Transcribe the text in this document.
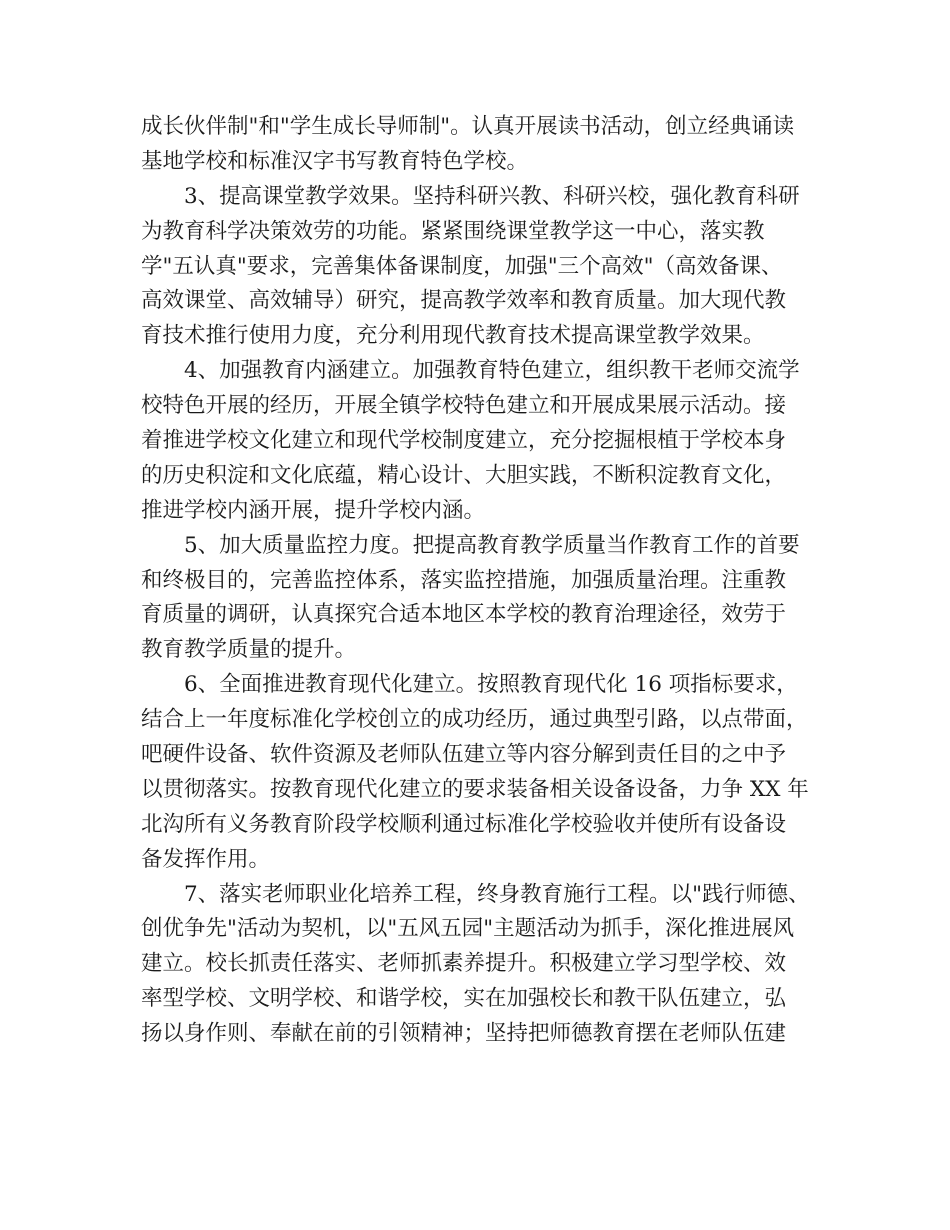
成长伙伴制"和"学生成长导师制"。认真开展读书活动，创立经典诵读
基地学校和标准汉字书写教育特色学校。
3、提高课堂教学效果。坚持科研兴教、科研兴校，强化教育科研
为教育科学决策效劳的功能。紧紧围绕课堂教学这一中心，落实教
学"五认真"要求，完善集体备课制度，加强"三个高效"（高效备课、
高效课堂、高效辅导）研究，提高教学效率和教育质量。加大现代教
育技术推行使用力度，充分利用现代教育技术提高课堂教学效果。
4、加强教育内涵建立。加强教育特色建立，组织教干老师交流学
校特色开展的经历，开展全镇学校特色建立和开展成果展示活动。接
着推进学校文化建立和现代学校制度建立，充分挖掘根植于学校本身
的历史积淀和文化底蕴，精心设计、大胆实践，不断积淀教育文化，
推进学校内涵开展，提升学校内涵。
5、加大质量监控力度。把提高教育教学质量当作教育工作的首要
和终极目的，完善监控体系，落实监控措施，加强质量治理。注重教
育质量的调研，认真探究合适本地区本学校的教育治理途径，效劳于
教育教学质量的提升。
6、全面推进教育现代化建立。按照教育现代化 16 项指标要求，
结合上一年度标准化学校创立的成功经历，通过典型引路，以点带面，
吧硬件设备、软件资源及老师队伍建立等内容分解到责任目的之中予
以贯彻落实。按教育现代化建立的要求装备相关设备设备，力争 XX 年
北沟所有义务教育阶段学校顺利通过标准化学校验收并使所有设备设
备发挥作用。
7、落实老师职业化培养工程，终身教育施行工程。以"践行师德、
创优争先"活动为契机，以"五风五园"主题活动为抓手，深化推进展风
建立。校长抓责任落实、老师抓素养提升。积极建立学习型学校、效
率型学校、文明学校、和谐学校，实在加强校长和教干队伍建立，弘
扬以身作则、奉献在前的引领精神；坚持把师德教育摆在老师队伍建
